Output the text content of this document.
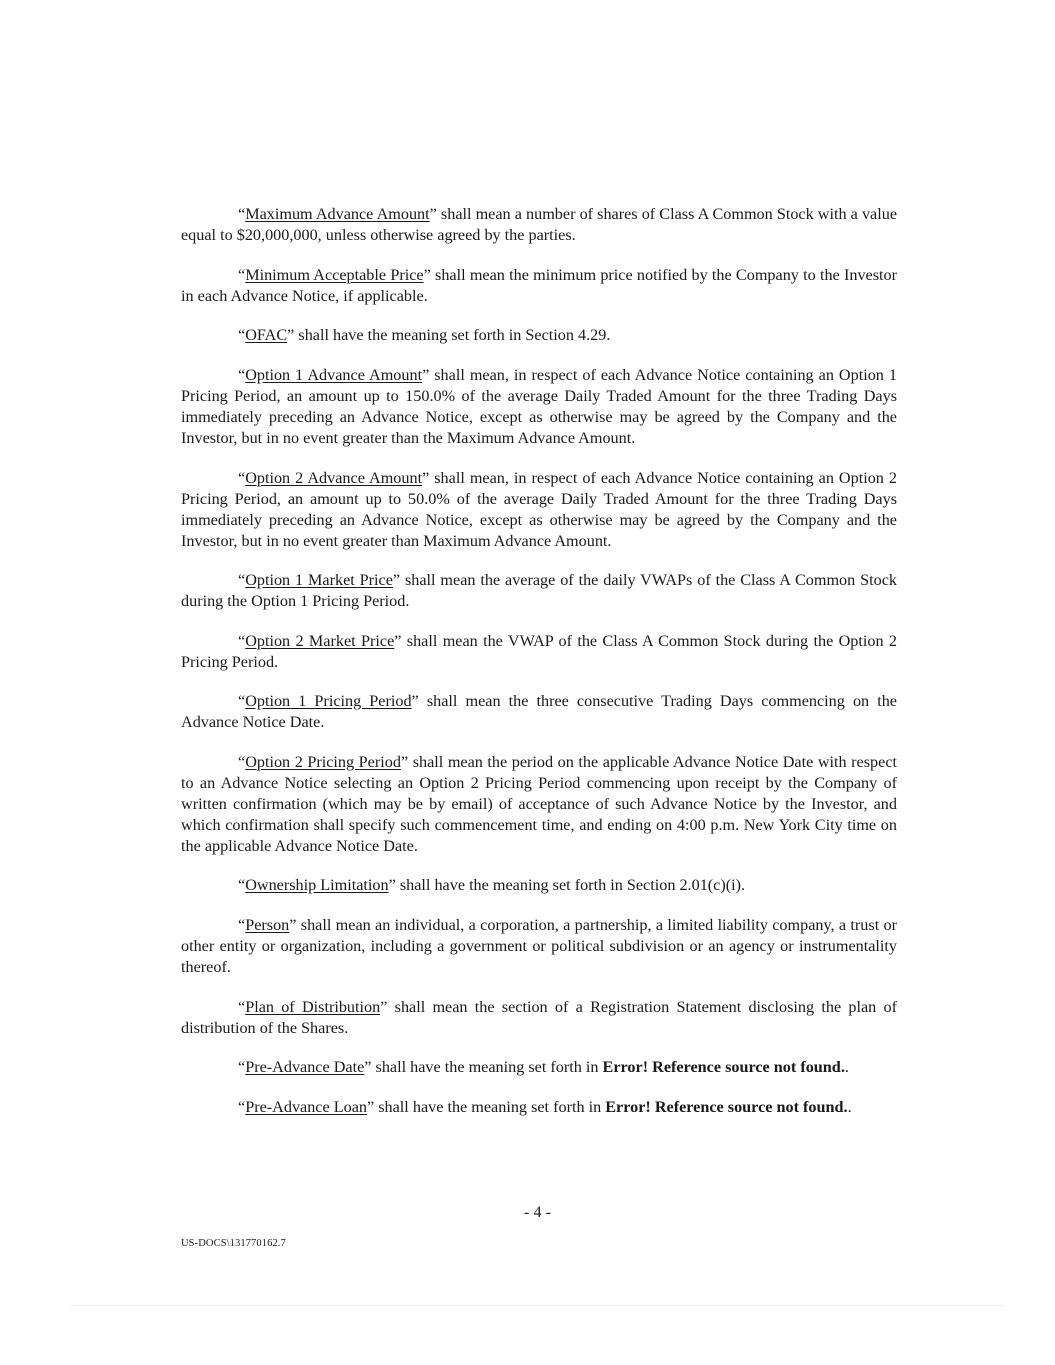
“Maximum Advance Amount” shall mean a number of shares of Class A Common Stock with a value equal to $20,000,000, unless otherwise agreed by the parties.

“Minimum Acceptable Price” shall mean the minimum price notified by the Company to the Investor in each Advance Notice, if applicable.

“OFAC” shall have the meaning set forth in Section 4.29.

“Option 1 Advance Amount” shall mean, in respect of each Advance Notice containing an Option 1 Pricing Period, an amount up to 150.0% of the average Daily Traded Amount for the three Trading Days immediately preceding an Advance Notice, except as otherwise may be agreed by the Company and the Investor, but in no event greater than the Maximum Advance Amount.

“Option 2 Advance Amount” shall mean, in respect of each Advance Notice containing an Option 2 Pricing Period, an amount up to 50.0% of the average Daily Traded Amount for the three Trading Days immediately preceding an Advance Notice, except as otherwise may be agreed by the Company and the Investor, but in no event greater than Maximum Advance Amount.

“Option 1 Market Price” shall mean the average of the daily VWAPs of the Class A Common Stock during the Option 1 Pricing Period.

“Option 2 Market Price” shall mean the VWAP of the Class A Common Stock during the Option 2 Pricing Period.

“Option 1 Pricing Period” shall mean the three consecutive Trading Days commencing on the Advance Notice Date.

“Option 2 Pricing Period” shall mean the period on the applicable Advance Notice Date with respect to an Advance Notice selecting an Option 2 Pricing Period commencing upon receipt by the Company of written confirmation (which may be by email) of acceptance of such Advance Notice by the Investor, and which confirmation shall specify such commencement time, and ending on 4:00 p.m. New York City time on the applicable Advance Notice Date.

“Ownership Limitation” shall have the meaning set forth in Section 2.01(c)(i).

“Person” shall mean an individual, a corporation, a partnership, a limited liability company, a trust or other entity or organization, including a government or political subdivision or an agency or instrumentality thereof.

“Plan of Distribution” shall mean the section of a Registration Statement disclosing the plan of distribution of the Shares.

“Pre-Advance Date” shall have the meaning set forth in Error! Reference source not found..

“Pre-Advance Loan” shall have the meaning set forth in Error! Reference source not found..

- 4 -
US-DOCS\131770162.7
